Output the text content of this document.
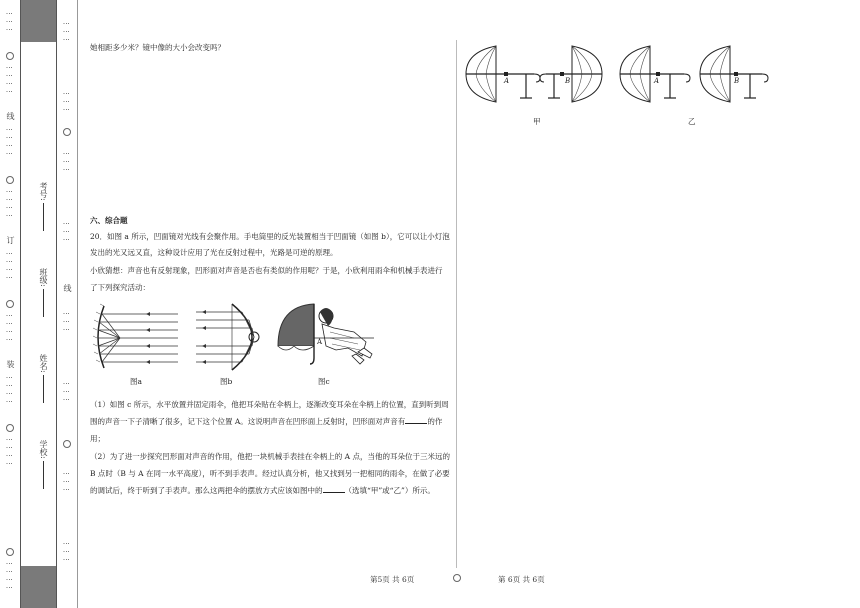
⋮⋮⋮
⋮⋮⋮⋮
线
⋮⋮⋮⋮
⋮⋮⋮⋮
订
⋮⋮⋮⋮
⋮⋮⋮⋮
装
⋮⋮⋮⋮
⋮⋮⋮⋮
⋮⋮⋮⋮
考号:
班级:
姓名:
学校:
⋮⋮⋮
⋮⋮⋮
⋮⋮⋮
⋮⋮⋮
线
⋮⋮⋮
⋮⋮⋮
⋮⋮⋮
⋮⋮⋮
她相距多少米？镜中像的大小会改变吗？
六、综合题
20．如图 a 所示，凹面镜对光线有会聚作用。手电筒里的反光装置相当于凹面镜（如图 b），它可以让小灯泡
发出的光又远又直，这种设计应用了光在反射过程中，光路是可逆的原理。
小欣猜想：声音也有反射现象，凹形面对声音是否也有类似的作用呢？于是，小欣利用雨伞和机械手表进行
了下列探究活动：
图a	图b
A
图c
（1）如图 c 所示，水平放置并固定雨伞，他把耳朵贴在伞柄上，逐渐改变耳朵在伞柄上的位置，直到听到周
围的声音一下子清晰了很多，记下这个位置 A。这说明声音在凹形面上反射时，凹形面对声音有	的作
用；
（2）为了进一步探究凹形面对声音的作用，他把一块机械手表挂在伞柄上的 A 点，当他的耳朵位于三米远的
B 点时（B 与 A 在同一水平高度），听不到手表声。经过认真分析，他又找到另一把相同的雨伞，在做了必要
的调试后，终于听到了手表声。那么这两把伞的摆放方式应该如图中的	（选填“甲”或“乙”）所示。
A	B	A	B
甲	乙
第5页 共 6页	第 6页 共 6页
